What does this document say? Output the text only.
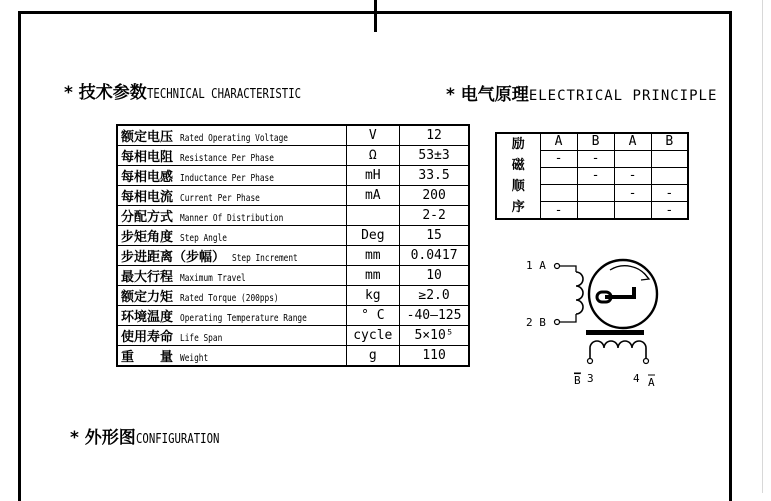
* 技术参数TECHNICAL CHARACTERISTIC	* 电气原理ELECTRICAL PRINCIPLE
* 外形图CONFIGURATION
额定电压 Rated Operating Voltage	V	12
每相电阻 Resistance Per Phase	Ω	53±3
每相电感 Inductance Per Phase	mH	33.5
每相电流 Current Per Phase	mA	200
分配方式 Manner Of Distribution		2-2
步矩角度 Step Angle	Deg	15
步进距离（步幅） Step Increment	mm	0.0417
最大行程 Maximum Travel	mm	10
额定力矩 Rated Torque (200pps)	kg	≥2.0
环境温度 Operating Temperature Range	° C	-40—125
使用寿命 Life Span	cycle	5×10⁵
重　　量 Weight	g	110
励
磁
顺
序	A	B	$\overline{A}$	$\overline{B}$
	-	-		
		-	-	
			-	-
	-			-
1 A
2 B
B 3	4 A
